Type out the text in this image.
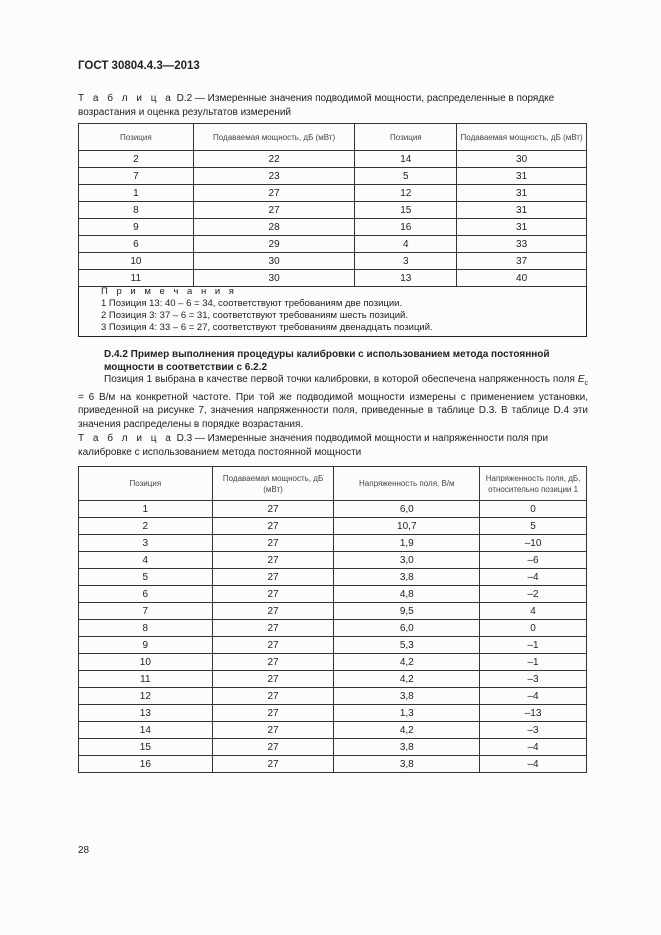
ГОСТ 30804.4.3—2013
Т а б л и ц а D.2 — Измеренные значения подводимой мощности, распределенные в порядке возрастания и оценка результатов измерений
Позиция	Подаваемая мощность, дБ (мВт)	Позиция	Подаваемая мощность, дБ (мВт)
2	22	14	30
7	23	5	31
1	27	12	31
8	27	15	31
9	28	16	31
6	29	4	33
10	30	3	37
11	30	13	40
П р и м е ч а н и я
1 Позиция 13: 40 – 6 = 34, соответствуют требованиям две позиции.
2 Позиция 3: 37 – 6 = 31, соответствуют требованиям шесть позиций.
3 Позиция 4: 33 – 6 = 27, соответствуют требованиям двенадцать позиций.
D.4.2 Пример выполнения процедуры калибровки с использованием метода постоянной мощности в соответствии с 6.2.2
Позиция 1 выбрана в качестве первой точки калибровки, в которой обеспечена напряженность поля $E_c = 6$ В/м на конкретной частоте. При той же подводимой мощности измерены с применением установки, приведенной на рисунке 7, значения напряженности поля, приведенные в таблице D.3. В таблице D.4 эти значения распределены в порядке возрастания.
Т а б л и ц а D.3 — Измеренные значения подводимой мощности и напряженности поля при калибровке с использованием метода постоянной мощности
Позиция	Подаваемая мощность, дБ (мВт)	Напряженность поля, В/м	Напряженность поля, дБ, относительно позиции 1
1	27	6,0	0
2	27	10,7	5
3	27	1,9	–10
4	27	3,0	–6
5	27	3,8	–4
6	27	4,8	–2
7	27	9,5	4
8	27	6,0	0
9	27	5,3	–1
10	27	4,2	–1
11	27	4,2	–3
12	27	3,8	–4
13	27	1,3	–13
14	27	4,2	–3
15	27	3,8	–4
16	27	3,8	–4
28
